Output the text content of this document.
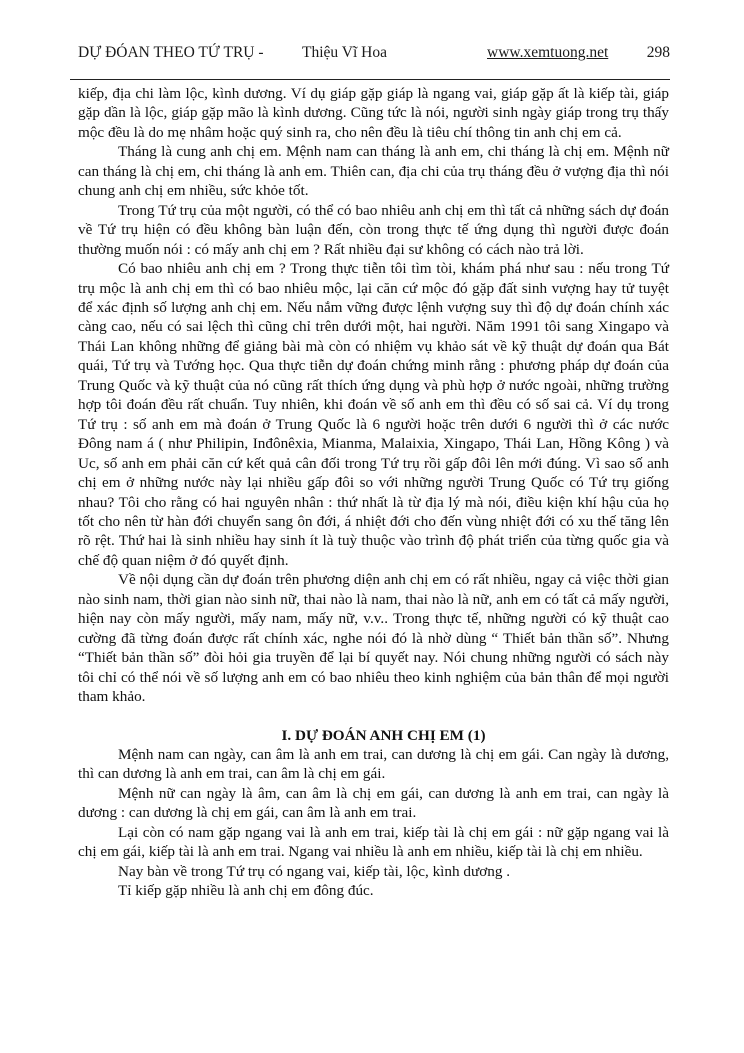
DỰ ĐÓAN THEO TỨ TRỤ - Thiệu Vĩ Hoa	www.xemtuong.net 298

kiếp, địa chi làm lộc, kình dương. Ví dụ giáp gặp giáp là ngang vai, giáp gặp ất là kiếp tài, giáp gặp dần là lộc, giáp gặp mão là kình dương. Cũng tức là nói, người sinh ngày giáp trong trụ thấy mộc đều là do mẹ nhâm hoặc quý sinh ra, cho nên đều là tiêu chí thông tin anh chị em cả.

Tháng là cung anh chị em. Mệnh nam can tháng là anh em, chi tháng là chị em. Mệnh nữ can tháng là chị em, chi tháng là anh em. Thiên can, địa chi của trụ tháng đều ở vượng địa thì nói chung anh chị em nhiều, sức khỏe tốt.

Trong Tứ trụ của một người, có thể có bao nhiêu anh chị em thì tất cả những sách dự đoán về Tứ trụ hiện có đều không bàn luận đến, còn trong thực tế ứng dụng thì người được đoán thường muốn nói : có mấy anh chị em ? Rất nhiều đại sư không có cách nào trả lời.

Có bao nhiêu anh chị em ? Trong thực tiễn tôi tìm tòi, khám phá như sau : nếu trong Tứ trụ mộc là anh chị em thì có bao nhiêu mộc, lại căn cứ mộc đó gặp đất sinh vượng hay tử tuyệt để xác định số lượng anh chị em. Nếu nắm vững được lệnh vượng suy thì độ dự đoán chính xác càng cao, nếu có sai lệch thì cũng chỉ trên dưới một, hai người. Năm 1991 tôi sang Xingapo và Thái Lan không những để giảng bài mà còn có nhiệm vụ khảo sát về kỹ thuật dự đoán qua Bát quái, Tứ trụ và Tướng học. Qua thực tiễn dự đoán chứng minh rằng : phương pháp dự đoán của Trung Quốc và kỹ thuật của nó cũng rất thích ứng dụng và phù hợp ở nước ngoài, những trường hợp tôi đoán đều rất chuẩn. Tuy nhiên, khi đoán về số anh em thì đều có số sai cả. Ví dụ trong Tứ trụ : số anh em mà đoán ở Trung Quốc là 6 người hoặc trên dưới 6 người thì ở các nước Đông nam á ( như Philipin, Inđônêxia, Mianma, Malaixia, Xingapo, Thái Lan, Hồng Kông ) và Uc, số anh em phải căn cứ kết quả cân đối trong Tứ trụ rồi gấp đôi lên mới đúng. Vì sao số anh chị em ở những nước này lại nhiều gấp đôi so với những người Trung Quốc có Tứ trụ giống nhau? Tôi cho rằng có hai nguyên nhân : thứ nhất là từ địa lý mà nói, điều kiện khí hậu của họ tốt cho nên từ hàn đới chuyển sang ôn đới, á nhiệt đới cho đến vùng nhiệt đới có xu thế tăng lên rõ rệt. Thứ hai là sinh nhiều hay sinh ít là tuỳ thuộc vào trình độ phát triển của từng quốc gia và chế độ quan niệm ở đó quyết định.

Về nội dụng cần dự đoán trên phương diện anh chị em có rất nhiều, ngay cả việc thời gian nào sinh nam, thời gian nào sinh nữ, thai nào là nam, thai nào là nữ, anh em có tất cả mấy người, hiện nay còn mấy người, mấy nam, mấy nữ, v.v.. Trong thực tế, những người có kỹ thuật cao cường đã từng đoán được rất chính xác, nghe nói đó là nhờ dùng “ Thiết bản thần số”. Nhưng “Thiết bản thần số” đòi hỏi gia truyền để lại bí quyết nay. Nói chung những người có sách này tôi chỉ có thể nói về số lượng anh em có bao nhiêu theo kinh nghiệm của bản thân để mọi người tham khảo.

I. DỰ ĐOÁN ANH CHỊ EM (1)

Mệnh nam can ngày, can âm là anh em trai, can dương là chị em gái. Can ngày là dương, thì can dương là anh em trai, can âm là chị em gái.

Mệnh nữ can ngày là âm, can âm là chị em gái, can dương là anh em trai, can ngày là dương : can dương là chị em gái, can âm là anh em trai.

Lại còn có nam gặp ngang vai là anh em trai, kiếp tài là chị em gái : nữ gặp ngang vai là chị em gái, kiếp tài là anh em trai. Ngang vai nhiều là anh em nhiều, kiếp tài là chị em nhiều.

Nay bàn về trong Tứ trụ có ngang vai, kiếp tài, lộc, kình dương .

Tỉ kiếp gặp nhiều là anh chị em đông đúc.
